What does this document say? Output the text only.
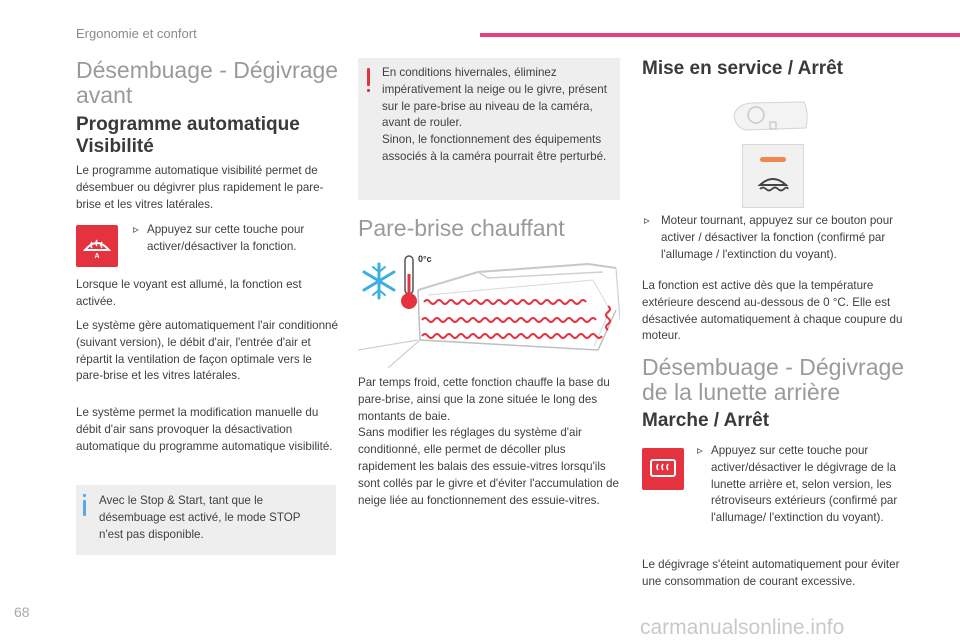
Ergonomie et confort
Désembuage - Dégivrage avant
Programme automatique Visibilité
Le programme automatique visibilité permet de désembuer ou dégivrer plus rapidement le pare-brise et les vitres latérales.
A
▹ Appuyez sur cette touche pour activer/désactiver la fonction.
Lorsque le voyant est allumé, la fonction est activée.
Le système gère automatiquement l'air conditionné (suivant version), le débit d'air, l'entrée d'air et répartit la ventilation de façon optimale vers le pare-brise et les vitres latérales.
Le système permet la modification manuelle du débit d'air sans provoquer la désactivation automatique du programme automatique visibilité.
Avec le Stop & Start, tant que le désembuage est activé, le mode STOP n'est pas disponible.
En conditions hivernales, éliminez impérativement la neige ou le givre, présent sur le pare-brise au niveau de la caméra, avant de rouler.
Sinon, le fonctionnement des équipements associés à la caméra pourrait être perturbé.
Pare-brise chauffant
0°c
Par temps froid, cette fonction chauffe la base du pare-brise, ainsi que la zone située le long des montants de baie.
Sans modifier les réglages du système d'air conditionné, elle permet de décoller plus rapidement les balais des essuie-vitres lorsqu'ils sont collés par le givre et d'éviter l'accumulation de neige liée au fonctionnement des essuie-vitres.
Mise en service / Arrêt
▹ Moteur tournant, appuyez sur ce bouton pour activer / désactiver la fonction (confirmé par l'allumage / l'extinction du voyant).
La fonction est active dès que la température extérieure descend au-dessous de 0 °C. Elle est désactivée automatiquement à chaque coupure du moteur.
Désembuage - Dégivrage de la lunette arrière
Marche / Arrêt
▹ Appuyez sur cette touche pour activer/désactiver le dégivrage de la lunette arrière et, selon version, les rétroviseurs extérieurs (confirmé par l'allumage/ l'extinction du voyant).
Le dégivrage s'éteint automatiquement pour éviter une consommation de courant excessive.
68
carmanualsonline.info
